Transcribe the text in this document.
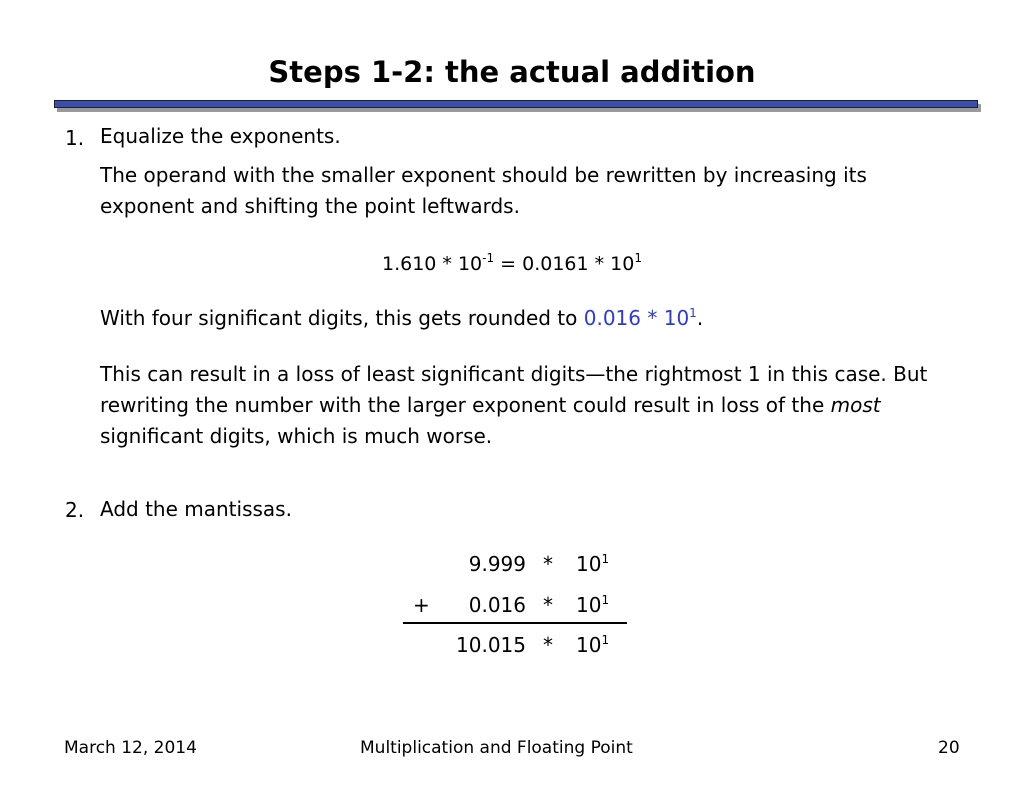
Steps 1-2: the actual addition
1. Equalize the exponents.
The operand with the smaller exponent should be rewritten by increasing its exponent and shifting the point leftwards.
$1.610 * 10^{-1} = 0.0161 * 10^1$
With four significant digits, this gets rounded to $0.016 * 10^1$.
This can result in a loss of least significant digits—the rightmost 1 in this case. But rewriting the number with the larger exponent could result in loss of the most significant digits, which is much worse.
2. Add the mantissas.
$9.999 * 10^1$
+	$0.016 * 10^1$
$10.015 * 10^1$
March 12, 2014	Multiplication and Floating Point	20
